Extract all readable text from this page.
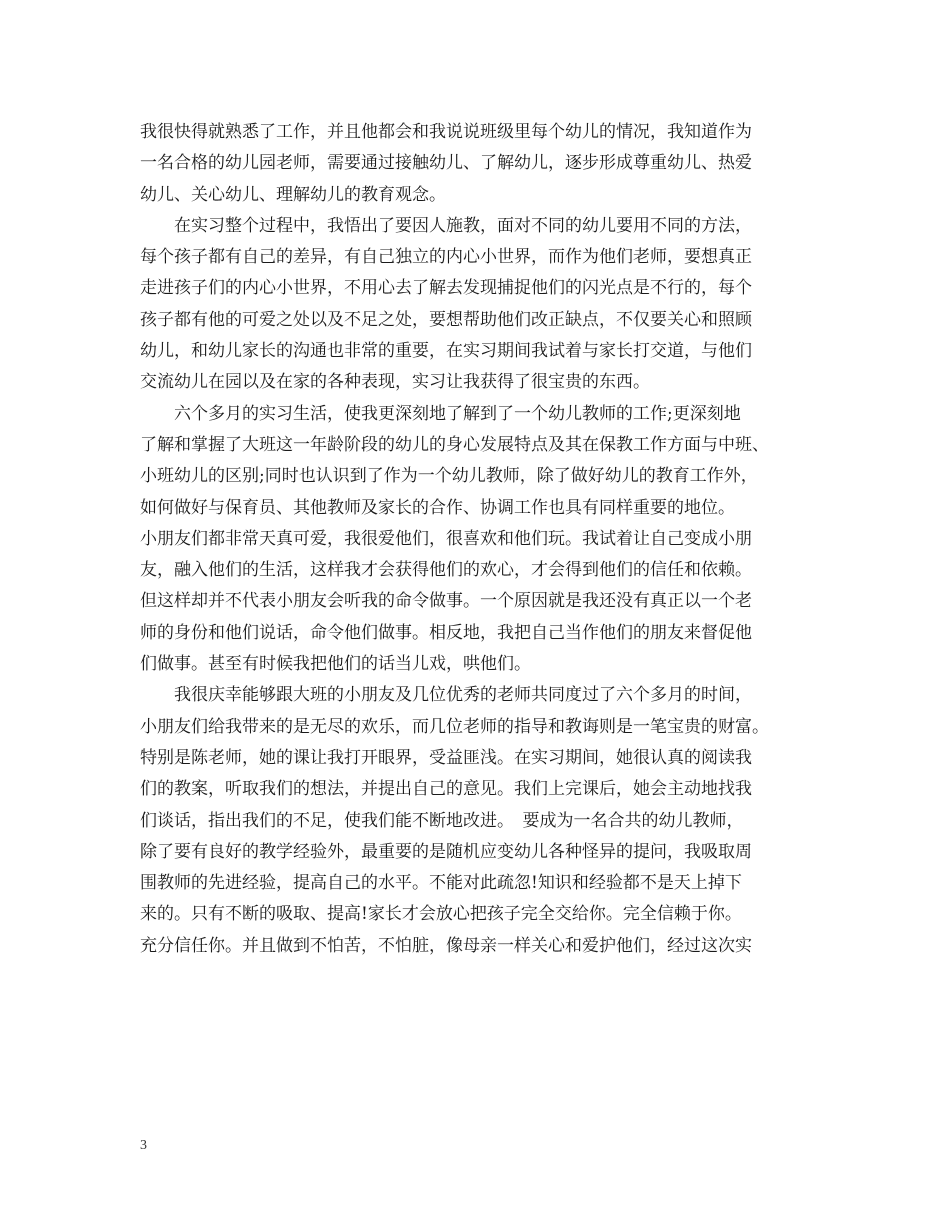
我很快得就熟悉了工作，并且他都会和我说说班级里每个幼儿的情况，我知道作为
一名合格的幼儿园老师，需要通过接触幼儿、了解幼儿，逐步形成尊重幼儿、热爱
幼儿、关心幼儿、理解幼儿的教育观念。
　　在实习整个过程中，我悟出了要因人施教，面对不同的幼儿要用不同的方法，
每个孩子都有自己的差异，有自己独立的内心小世界，而作为他们老师，要想真正
走进孩子们的内心小世界，不用心去了解去发现捕捉他们的闪光点是不行的，每个
孩子都有他的可爱之处以及不足之处，要想帮助他们改正缺点，不仅要关心和照顾
幼儿，和幼儿家长的沟通也非常的重要，在实习期间我试着与家长打交道，与他们
交流幼儿在园以及在家的各种表现，实习让我获得了很宝贵的东西。
　　六个多月的实习生活，使我更深刻地了解到了一个幼儿教师的工作;更深刻地
了解和掌握了大班这一年龄阶段的幼儿的身心发展特点及其在保教工作方面与中班、
小班幼儿的区别;同时也认识到了作为一个幼儿教师，除了做好幼儿的教育工作外，
如何做好与保育员、其他教师及家长的合作、协调工作也具有同样重要的地位。
小朋友们都非常天真可爱，我很爱他们，很喜欢和他们玩。我试着让自己变成小朋
友，融入他们的生活，这样我才会获得他们的欢心，才会得到他们的信任和依赖。
但这样却并不代表小朋友会听我的命令做事。一个原因就是我还没有真正以一个老
师的身份和他们说话，命令他们做事。相反地，我把自己当作他们的朋友来督促他
们做事。甚至有时候我把他们的话当儿戏，哄他们。
　　我很庆幸能够跟大班的小朋友及几位优秀的老师共同度过了六个多月的时间，
小朋友们给我带来的是无尽的欢乐，而几位老师的指导和教诲则是一笔宝贵的财富。
特别是陈老师，她的课让我打开眼界，受益匪浅。在实习期间，她很认真的阅读我
们的教案，听取我们的想法，并提出自己的意见。我们上完课后，她会主动地找我
们谈话，指出我们的不足，使我们能不断地改进。　要成为一名合共的幼儿教师，
除了要有良好的教学经验外，最重要的是随机应变幼儿各种怪异的提问，我吸取周
围教师的先进经验，提高自己的水平。不能对此疏忽!知识和经验都不是天上掉下
来的。只有不断的吸取、提高!家长才会放心把孩子完全交给你。完全信赖于你。
充分信任你。并且做到不怕苦，不怕脏，像母亲一样关心和爱护他们，经过这次实
3
